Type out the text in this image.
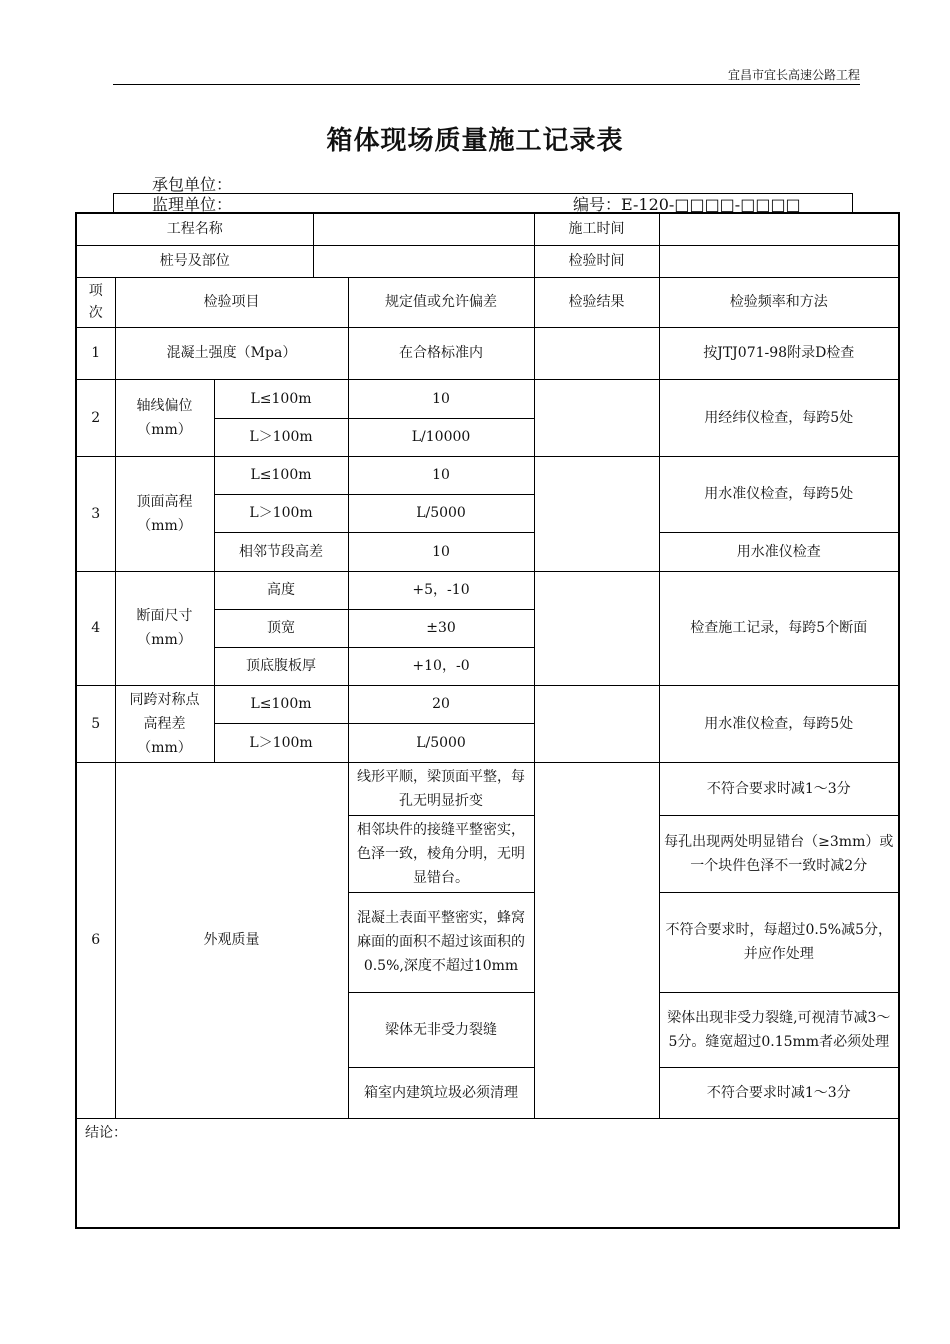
宜昌市宜长高速公路工程
箱体现场质量施工记录表
承包单位：
监理单位：	编号：E-120-□□□□-□□□□
工程名称					施工时间	
桩号及部位					检验时间	
项次	检验项目			规定值或允许偏差	检验结果	检验频率和方法
1	混凝土强度（Mpa）			在合格标准内		按JTJ071-98附录D检查
2	轴线偏位（mm）	L≤100m		10		用经纬仪检查，每跨5处
		L＞100m		L/10000		
3	顶面高程（mm）	L≤100m		10		用水准仪检查，每跨5处
		L＞100m		L/5000		
		相邻节段高差		10		用水准仪检查
4	断面尺寸（mm）	高度		+5，-10		检查施工记录，每跨5个断面
		顶宽		±30		
		顶底腹板厚		+10，-0		
5	同跨对称点高程差（mm）	L≤100m		20		用水准仪检查，每跨5处
		L＞100m		L/5000		
6	外观质量			线形平顺，梁顶面平整，每孔无明显折变		不符合要求时减1～3分
				相邻块件的接缝平整密实，色泽一致，棱角分明，无明显错台。		每孔出现两处明显错台（≥3mm）或一个块件色泽不一致时减2分
				混凝土表面平整密实，蜂窝麻面的面积不超过该面积的0.5%,深度不超过10mm		不符合要求时，每超过0.5%减5分，并应作处理
				梁体无非受力裂缝		梁体出现非受力裂缝,可视清节减3～5分。缝宽超过0.15mm者必须处理
				箱室内建筑垃圾必须清理		不符合要求时减1～3分
结论：						
